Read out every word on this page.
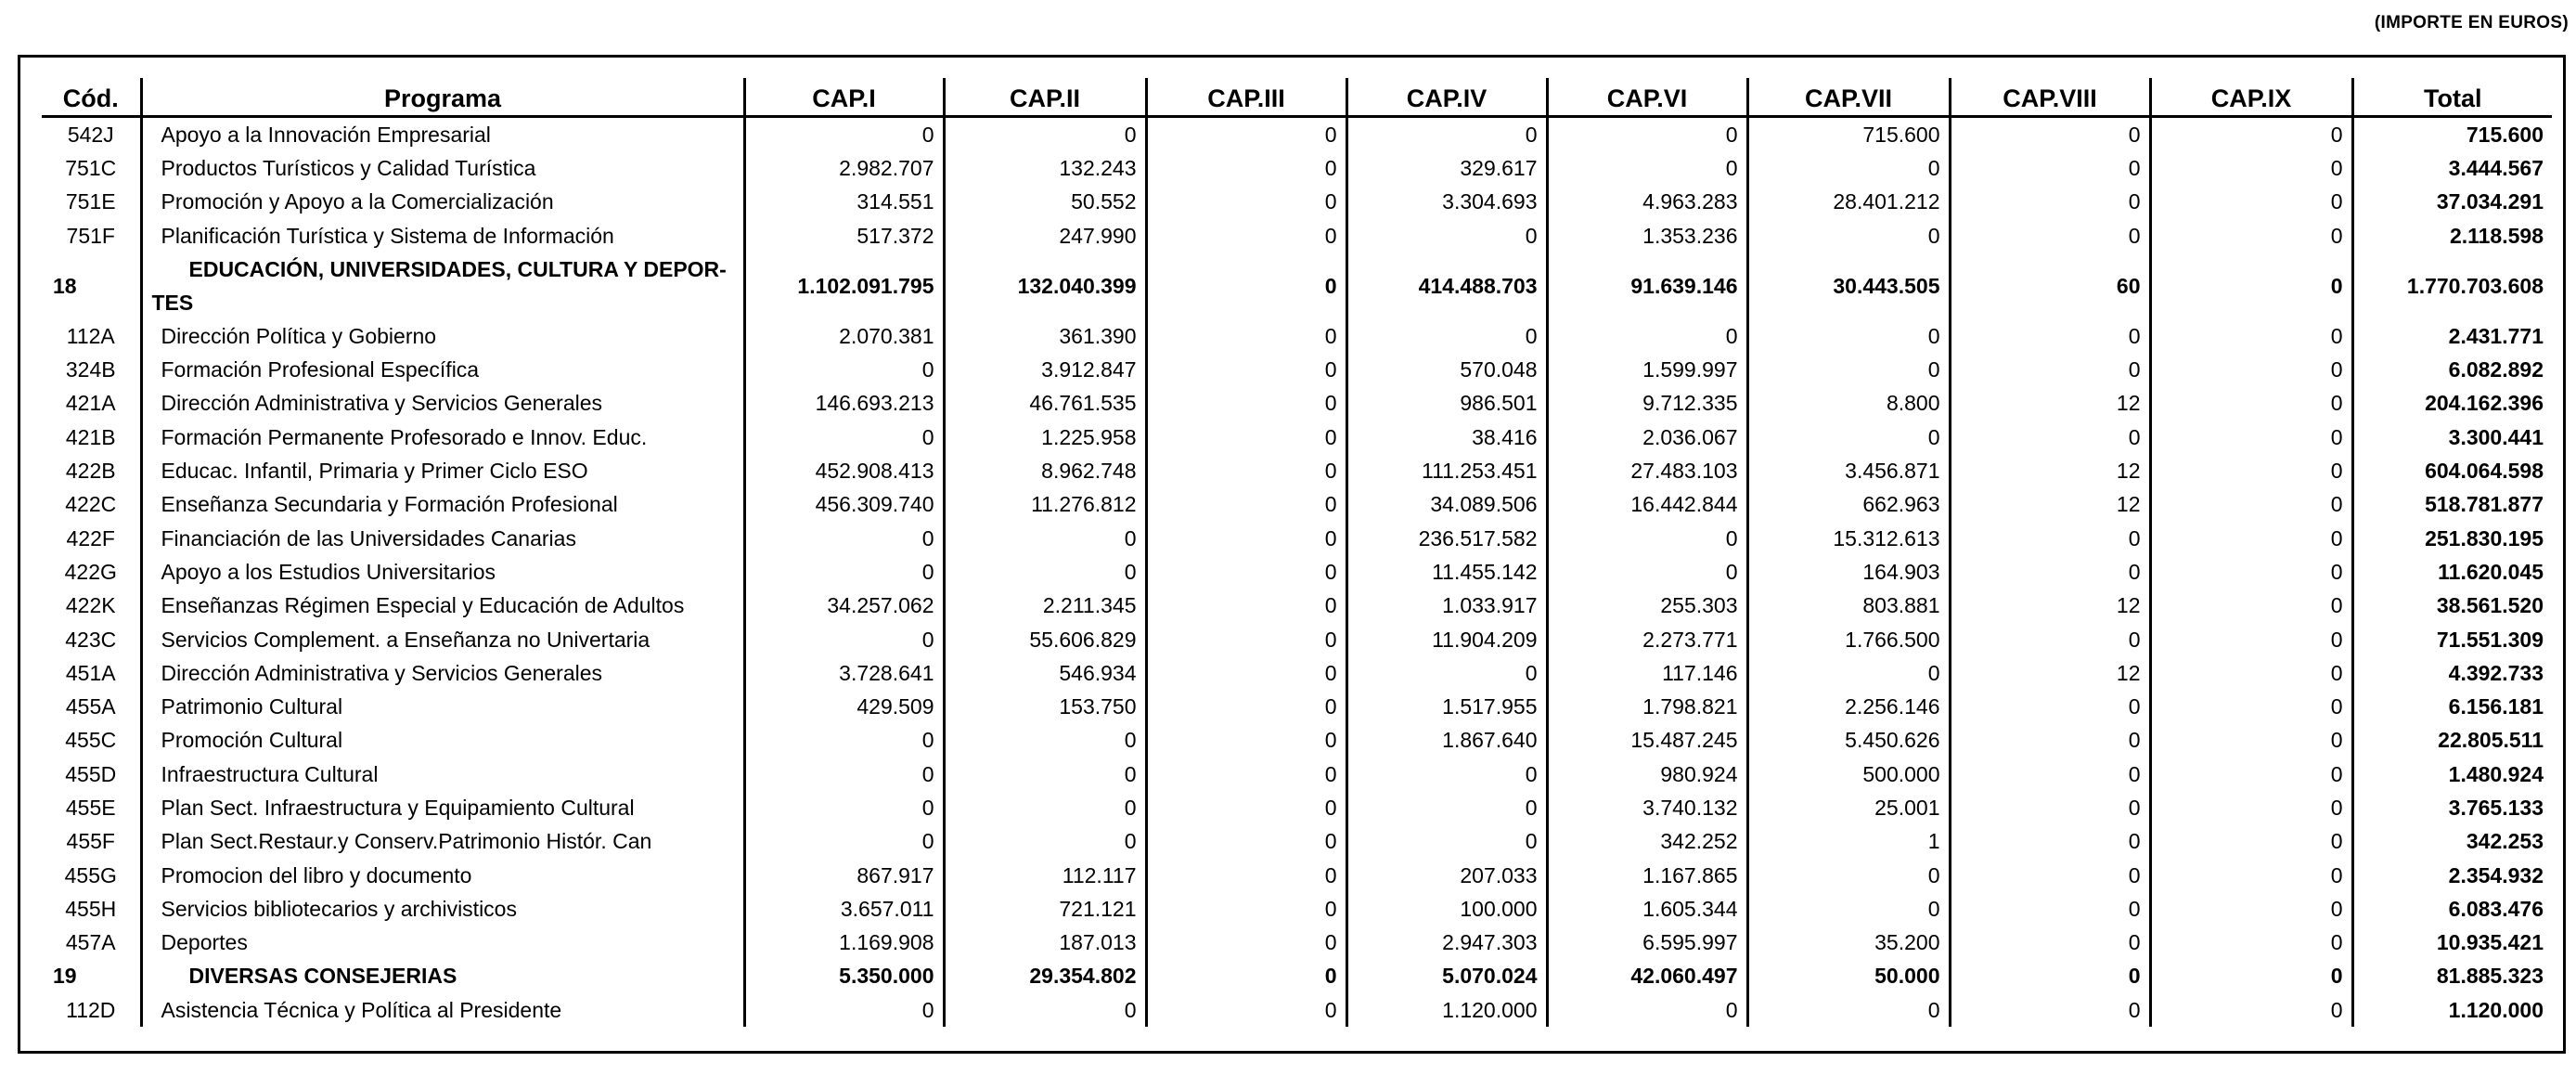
(IMPORTE EN EUROS)
Cód.	Programa	CAP.I	CAP.II	CAP.III	CAP.IV	CAP.VI	CAP.VII	CAP.VIII	CAP.IX	Total
542J	Apoyo a la Innovación Empresarial	0	0	0	0	0	715.600	0	0	715.600
751C	Productos Turísticos y Calidad Turística	2.982.707	132.243	0	329.617	0	0	0	0	3.444.567
751E	Promoción y Apoyo a la Comercialización	314.551	50.552	0	3.304.693	4.963.283	28.401.212	0	0	37.034.291
751F	Planificación Turística y Sistema de Información	517.372	247.990	0	0	1.353.236	0	0	0	2.118.598
18	EDUCACIÓN, UNIVERSIDADES, CULTURA Y DEPOR-TES	1.102.091.795	132.040.399	0	414.488.703	91.639.146	30.443.505	60	0	1.770.703.608
112A	Dirección Política y Gobierno	2.070.381	361.390	0	0	0	0	0	0	2.431.771
324B	Formación Profesional Específica	0	3.912.847	0	570.048	1.599.997	0	0	0	6.082.892
421A	Dirección Administrativa y Servicios Generales	146.693.213	46.761.535	0	986.501	9.712.335	8.800	12	0	204.162.396
421B	Formación Permanente Profesorado e Innov. Educ.	0	1.225.958	0	38.416	2.036.067	0	0	0	3.300.441
422B	Educac. Infantil, Primaria y Primer Ciclo ESO	452.908.413	8.962.748	0	111.253.451	27.483.103	3.456.871	12	0	604.064.598
422C	Enseñanza Secundaria y Formación Profesional	456.309.740	11.276.812	0	34.089.506	16.442.844	662.963	12	0	518.781.877
422F	Financiación de las Universidades Canarias	0	0	0	236.517.582	0	15.312.613	0	0	251.830.195
422G	Apoyo a los Estudios Universitarios	0	0	0	11.455.142	0	164.903	0	0	11.620.045
422K	Enseñanzas Régimen Especial y Educación de Adultos	34.257.062	2.211.345	0	1.033.917	255.303	803.881	12	0	38.561.520
423C	Servicios Complement. a Enseñanza no Univertaria	0	55.606.829	0	11.904.209	2.273.771	1.766.500	0	0	71.551.309
451A	Dirección Administrativa y Servicios Generales	3.728.641	546.934	0	0	117.146	0	12	0	4.392.733
455A	Patrimonio Cultural	429.509	153.750	0	1.517.955	1.798.821	2.256.146	0	0	6.156.181
455C	Promoción Cultural	0	0	0	1.867.640	15.487.245	5.450.626	0	0	22.805.511
455D	Infraestructura Cultural	0	0	0	0	980.924	500.000	0	0	1.480.924
455E	Plan Sect. Infraestructura y Equipamiento Cultural	0	0	0	0	3.740.132	25.001	0	0	3.765.133
455F	Plan Sect.Restaur.y Conserv.Patrimonio Histór. Can	0	0	0	0	342.252	1	0	0	342.253
455G	Promocion del libro y documento	867.917	112.117	0	207.033	1.167.865	0	0	0	2.354.932
455H	Servicios bibliotecarios y archivisticos	3.657.011	721.121	0	100.000	1.605.344	0	0	0	6.083.476
457A	Deportes	1.169.908	187.013	0	2.947.303	6.595.997	35.200	0	0	10.935.421
19	DIVERSAS CONSEJERIAS	5.350.000	29.354.802	0	5.070.024	42.060.497	50.000	0	0	81.885.323
112D	Asistencia Técnica y Política al Presidente	0	0	0	1.120.000	0	0	0	0	1.120.000
